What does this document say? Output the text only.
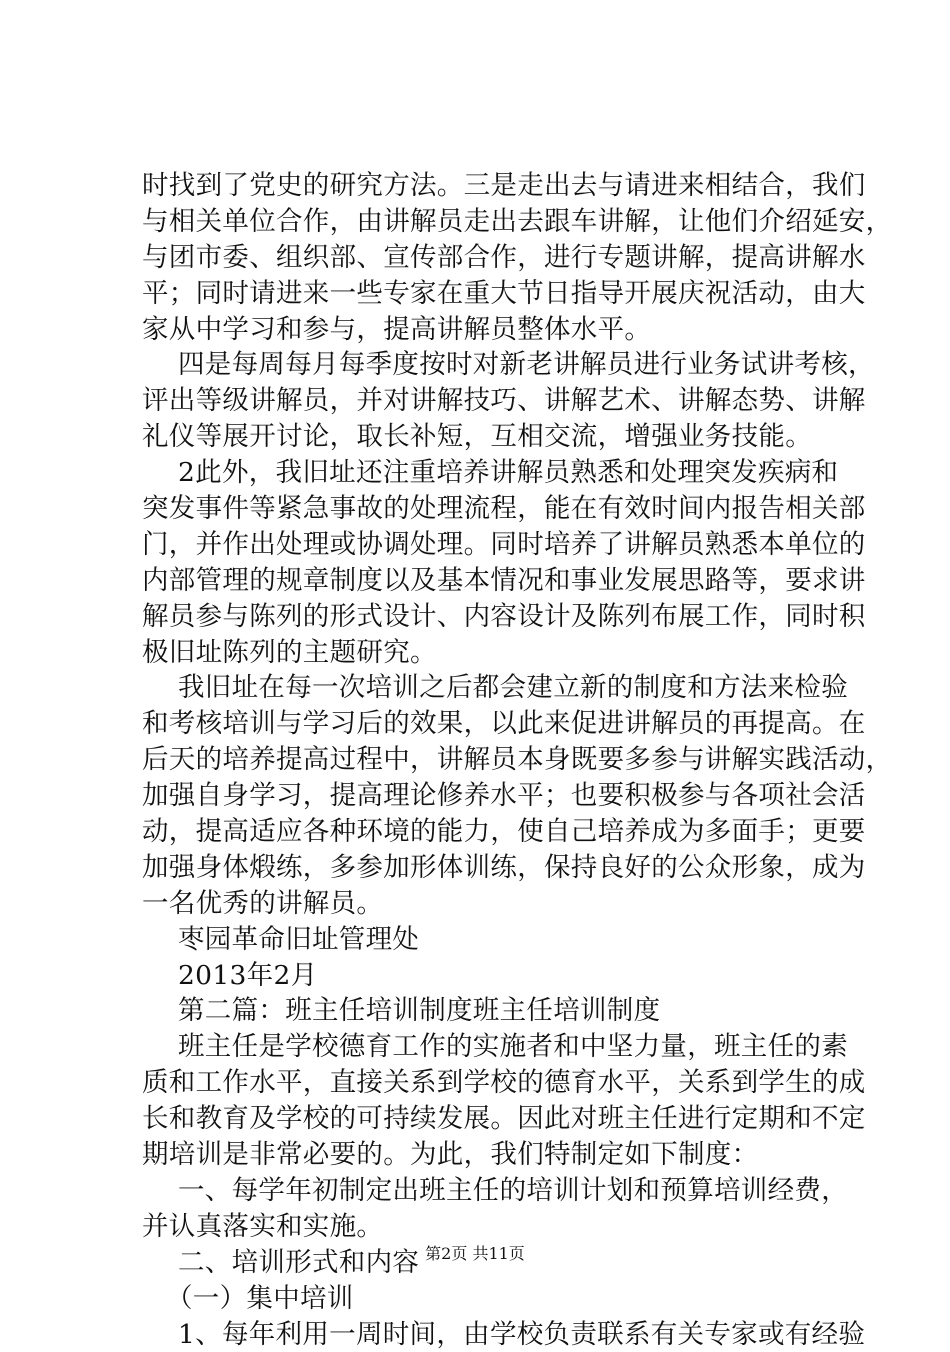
时找到了党史的研究方法。三是走出去与请进来相结合，我们
与相关单位合作，由讲解员走出去跟车讲解，让他们介绍延安，
与团市委、组织部、宣传部合作，进行专题讲解，提高讲解水
平；同时请进来一些专家在重大节日指导开展庆祝活动，由大
家从中学习和参与，提高讲解员整体水平。
四是每周每月每季度按时对新老讲解员进行业务试讲考核，
评出等级讲解员，并对讲解技巧、讲解艺术、讲解态势、讲解
礼仪等展开讨论，取长补短，互相交流，增强业务技能。
2此外，我旧址还注重培养讲解员熟悉和处理突发疾病和
突发事件等紧急事故的处理流程，能在有效时间内报告相关部
门，并作出处理或协调处理。同时培养了讲解员熟悉本单位的
内部管理的规章制度以及基本情况和事业发展思路等，要求讲
解员参与陈列的形式设计、内容设计及陈列布展工作，同时积
极旧址陈列的主题研究。
我旧址在每一次培训之后都会建立新的制度和方法来检验
和考核培训与学习后的效果，以此来促进讲解员的再提高。在
后天的培养提高过程中，讲解员本身既要多参与讲解实践活动，
加强自身学习，提高理论修养水平；也要积极参与各项社会活
动，提高适应各种环境的能力，使自己培养成为多面手；更要
加强身体煅练，多参加形体训练，保持良好的公众形象，成为
一名优秀的讲解员。
枣园革命旧址管理处
2013年2月
第二篇：班主任培训制度班主任培训制度
班主任是学校德育工作的实施者和中坚力量，班主任的素
质和工作水平，直接关系到学校的德育水平，关系到学生的成
长和教育及学校的可持续发展。因此对班主任进行定期和不定
期培训是非常必要的。为此，我们特制定如下制度：
一、每学年初制定出班主任的培训计划和预算培训经费，
并认真落实和实施。
二、培训形式和内容
（一）集中培训
1、每年利用一周时间，由学校负责联系有关专家或有经验
第2页 共11页
